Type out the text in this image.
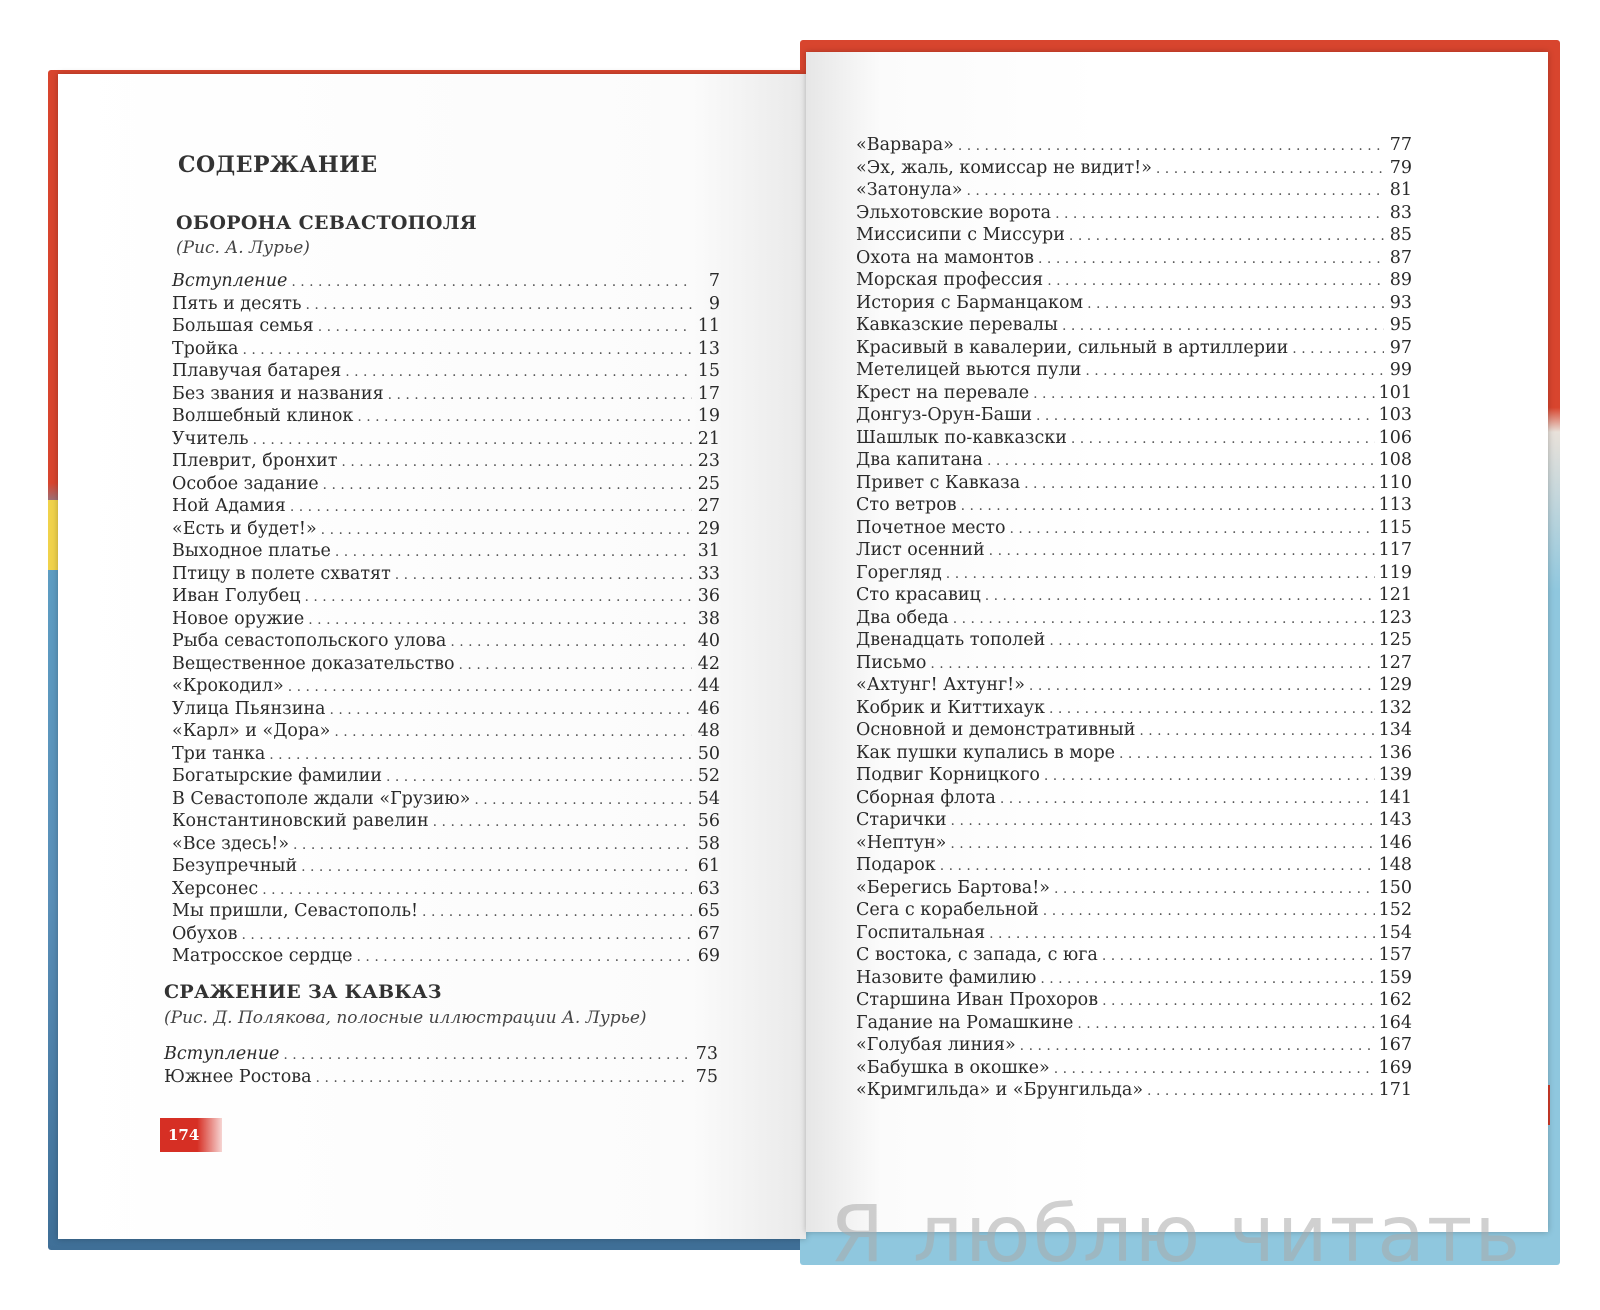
СОДЕРЖАНИЕ
ОБОРОНА СЕВАСТОПОЛЯ
(Рис. А. Лурье)
Вступление . . .	7
Пять и десять . . .	9
Большая семья . . .	11
Тройка . . .	13
Плавучая батарея . . .	15
Без звания и названия . . .	17
Волшебный клинок . . .	19
Учитель . . .	21
Плеврит, бронхит . . .	23
Особое задание . . .	25
Ной Адамия . . .	27
«Есть и будет!» . . .	29
Выходное платье . . .	31
Птицу в полете схватят . . .	33
Иван Голубец . . .	36
Новое оружие . . .	38
Рыба севастопольского улова . . .	40
Вещественное доказательство . . .	42
«Крокодил» . . .	44
Улица Пьянзина . . .	46
«Карл» и «Дора» . . .	48
Три танка . . .	50
Богатырские фамилии . . .	52
В Севастополе ждали «Грузию» . . .	54
Константиновский равелин . . .	56
«Все здесь!» . . .	58
Безупречный . . .	61
Херсонес . . .	63
Мы пришли, Севастополь! . . .	65
Обухов . . .	67
Матросское сердце . . .	69
СРАЖЕНИЕ ЗА КАВКАЗ
(Рис. Д. Полякова, полосные иллюстрации А. Лурье)
Вступление . . .	73
Южнее Ростова . . .	75
«Варвара» . . .	77
«Эх, жаль, комиссар не видит!» . . .	79
«Затонула» . . .	81
Эльхотовские ворота . . .	83
Миссисипи с Миссури . . .	85
Охота на мамонтов . . .	87
Морская профессия . . .	89
История с Барманцаком . . .	93
Кавказские перевалы . . .	95
Красивый в кавалерии, сильный в артиллерии . . .	97
Метелицей вьются пули . . .	99
Крест на перевале . . .	101
Донгуз-Орун-Баши . . .	103
Шашлык по-кавказски . . .	106
Два капитана . . .	108
Привет с Кавказа . . .	110
Сто ветров . . .	113
Почетное место . . .	115
Лист осенний . . .	117
Горегляд . . .	119
Сто красавиц . . .	121
Два обеда . . .	123
Двенадцать тополей . . .	125
Письмо . . .	127
«Ахтунг! Ахтунг!» . . .	129
Кобрик и Киттихаук . . .	132
Основной и демонстративный . . .	134
Как пушки купались в море . . .	136
Подвиг Корницкого . . .	139
Сборная флота . . .	141
Старички . . .	143
«Нептун» . . .	146
Подарок . . .	148
«Берегись Бартова!» . . .	150
Сега с корабельной . . .	152
Госпитальная . . .	154
С востока, с запада, с юга . . .	157
Назовите фамилию . . .	159
Старшина Иван Прохоров . . .	162
Гадание на Ромашкине . . .	164
«Голубая линия» . . .	167
«Бабушка в окошке» . . .	169
«Кримгильда» и «Брунгильда» . . .	171
174
Я люблю читать
